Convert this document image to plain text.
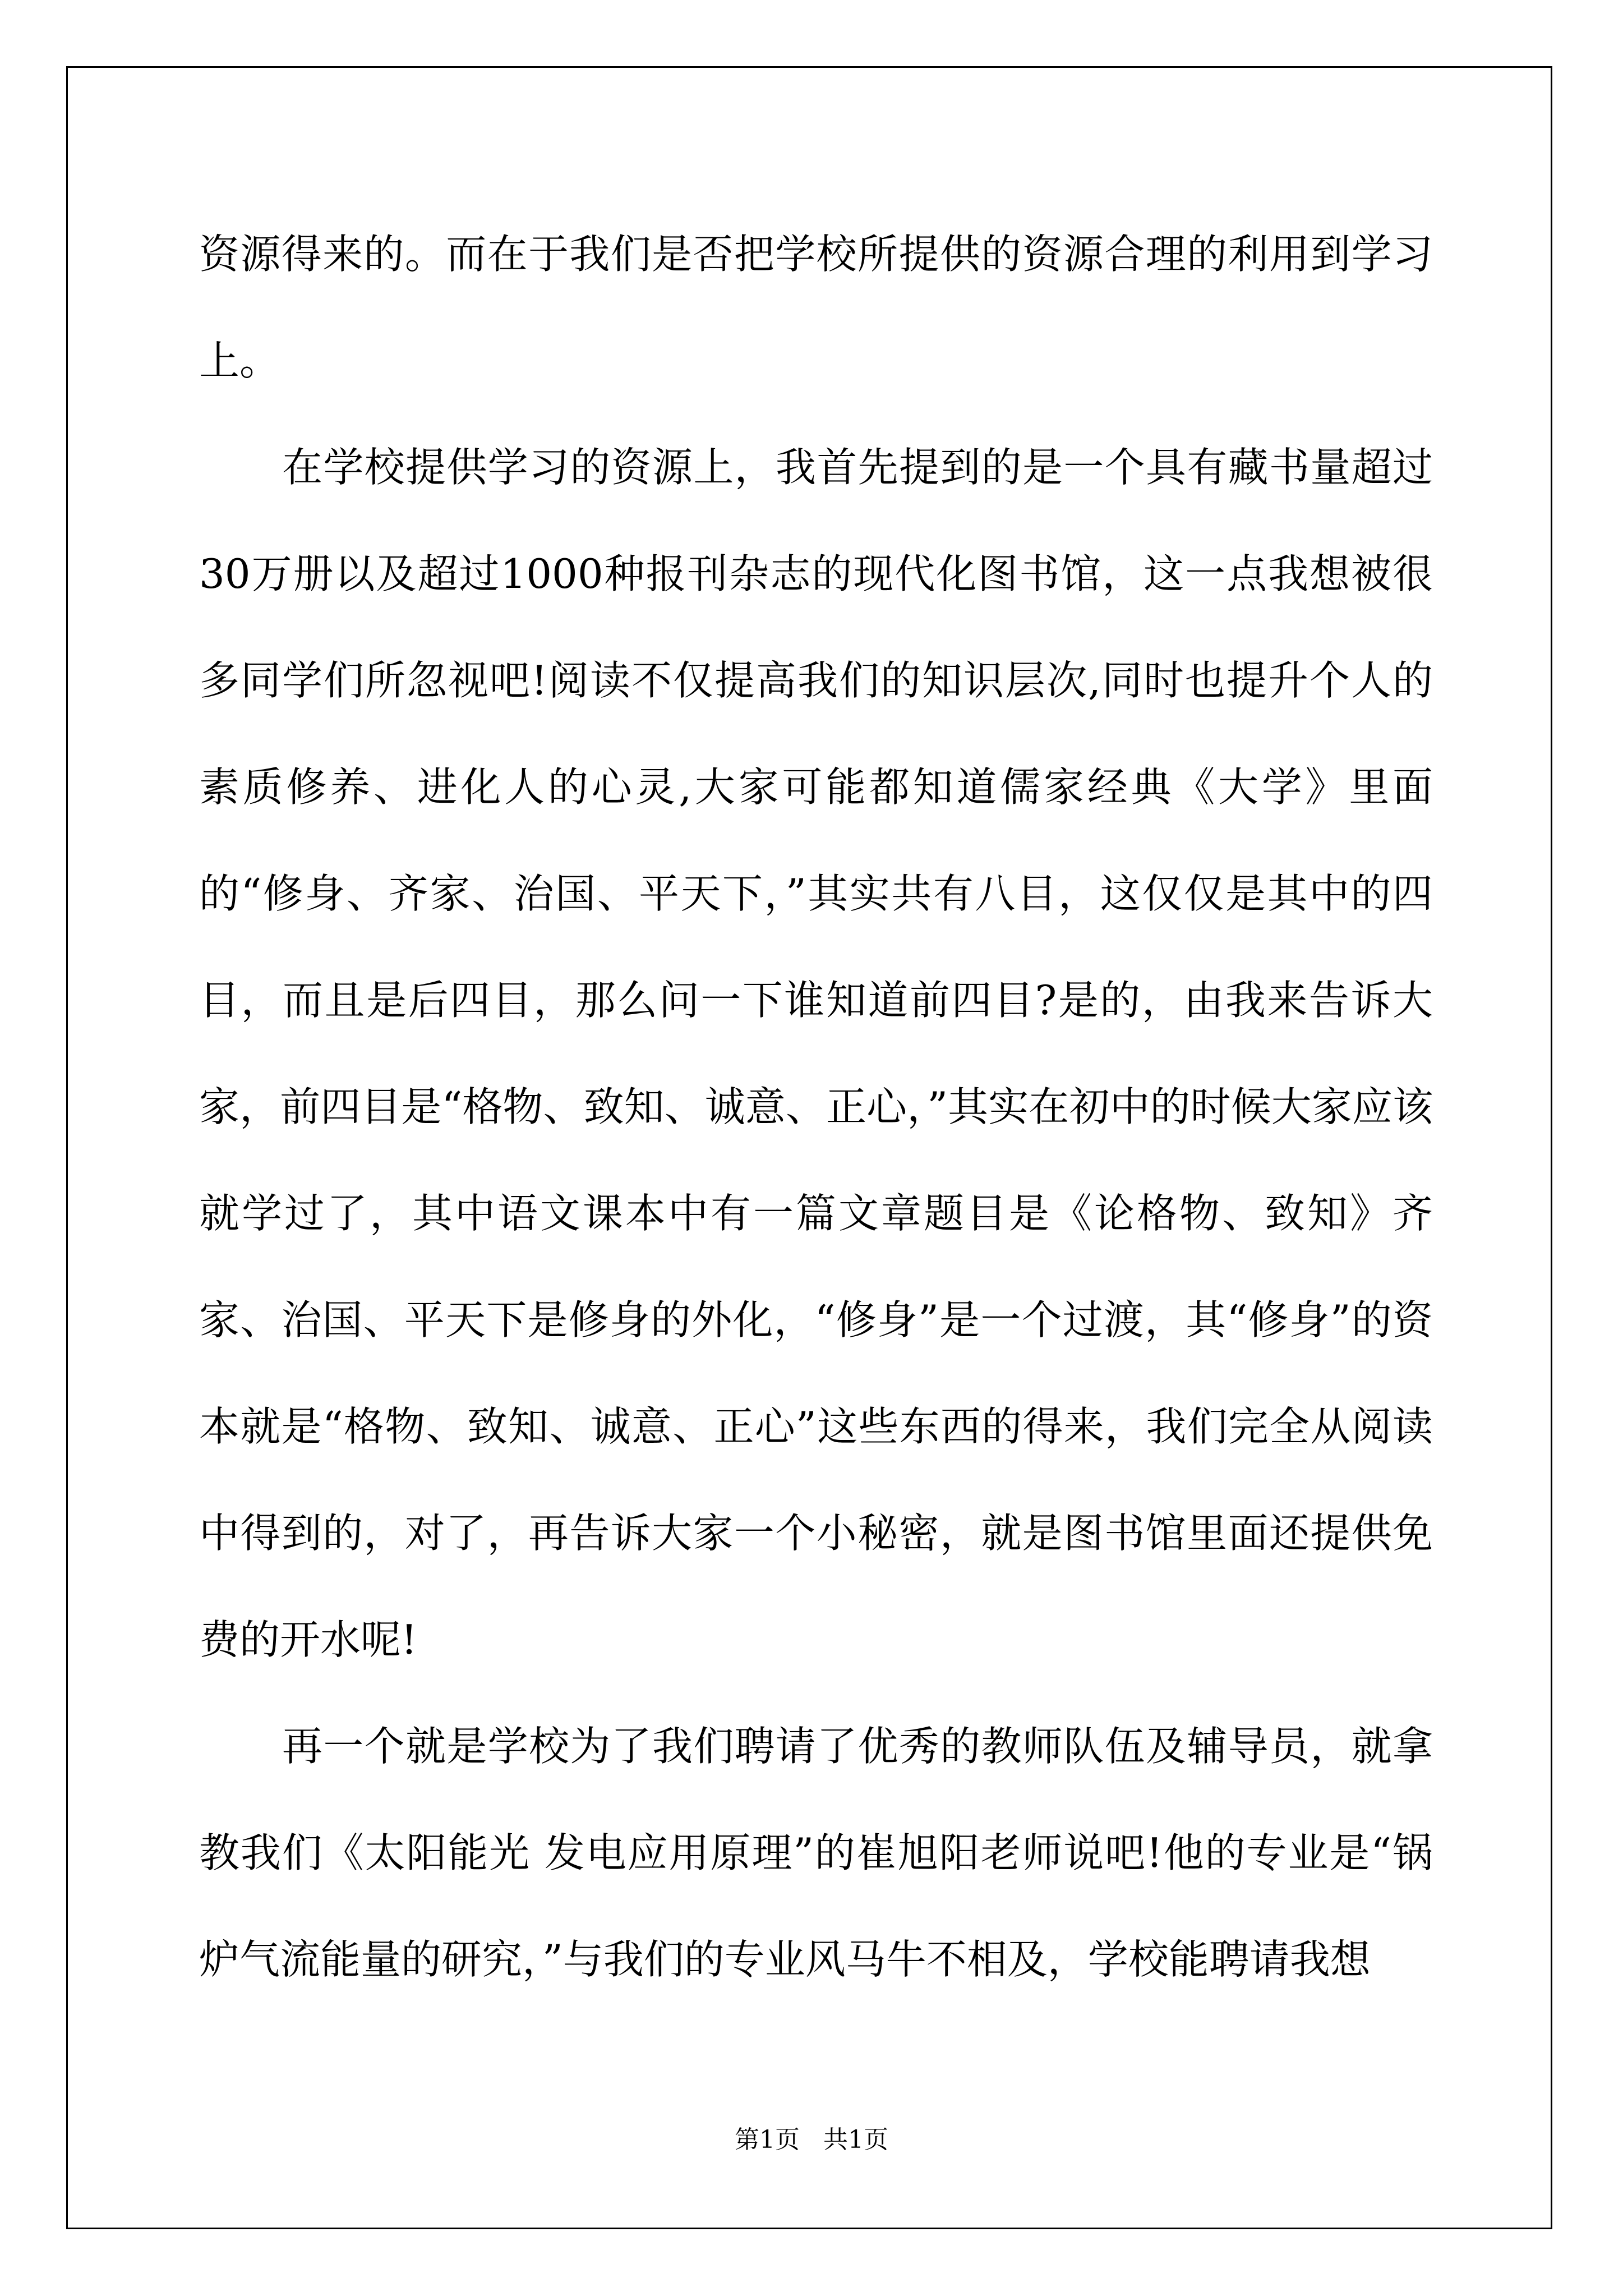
资源得来的。而在于我们是否把学校所提供的资源合理的利用到学习上。

在学校提供学习的资源上，我首先提到的是一个具有藏书量超过30万册以及超过1000种报刊杂志的现代化图书馆，这一点我想被很多同学们所忽视吧!阅读不仅提高我们的知识层次,同时也提升个人的素质修养、进化人的心灵,大家可能都知道儒家经典《大学》里面的“修身、齐家、治国、平天下，”其实共有八目，这仅仅是其中的四目，而且是后四目，那么问一下谁知道前四目?是的，由我来告诉大家，前四目是“格物、致知、诚意、正心，”其实在初中的时候大家应该就学过了，其中语文课本中有一篇文章题目是《论格物、致知》齐家、治国、平天下是修身的外化，“修身”是一个过渡，其“修身”的资本就是“格物、致知、诚意、正心”这些东西的得来，我们完全从阅读中得到的，对了，再告诉大家一个小秘密，就是图书馆里面还提供免费的开水呢!

再一个就是学校为了我们聘请了优秀的教师队伍及辅导员，就拿教我们《太阳能光 发电应用原理”的崔旭阳老师说吧!他的专业是“锅炉气流能量的研究，”与我们的专业风马牛不相及，学校能聘请我想

第1页 共1页
